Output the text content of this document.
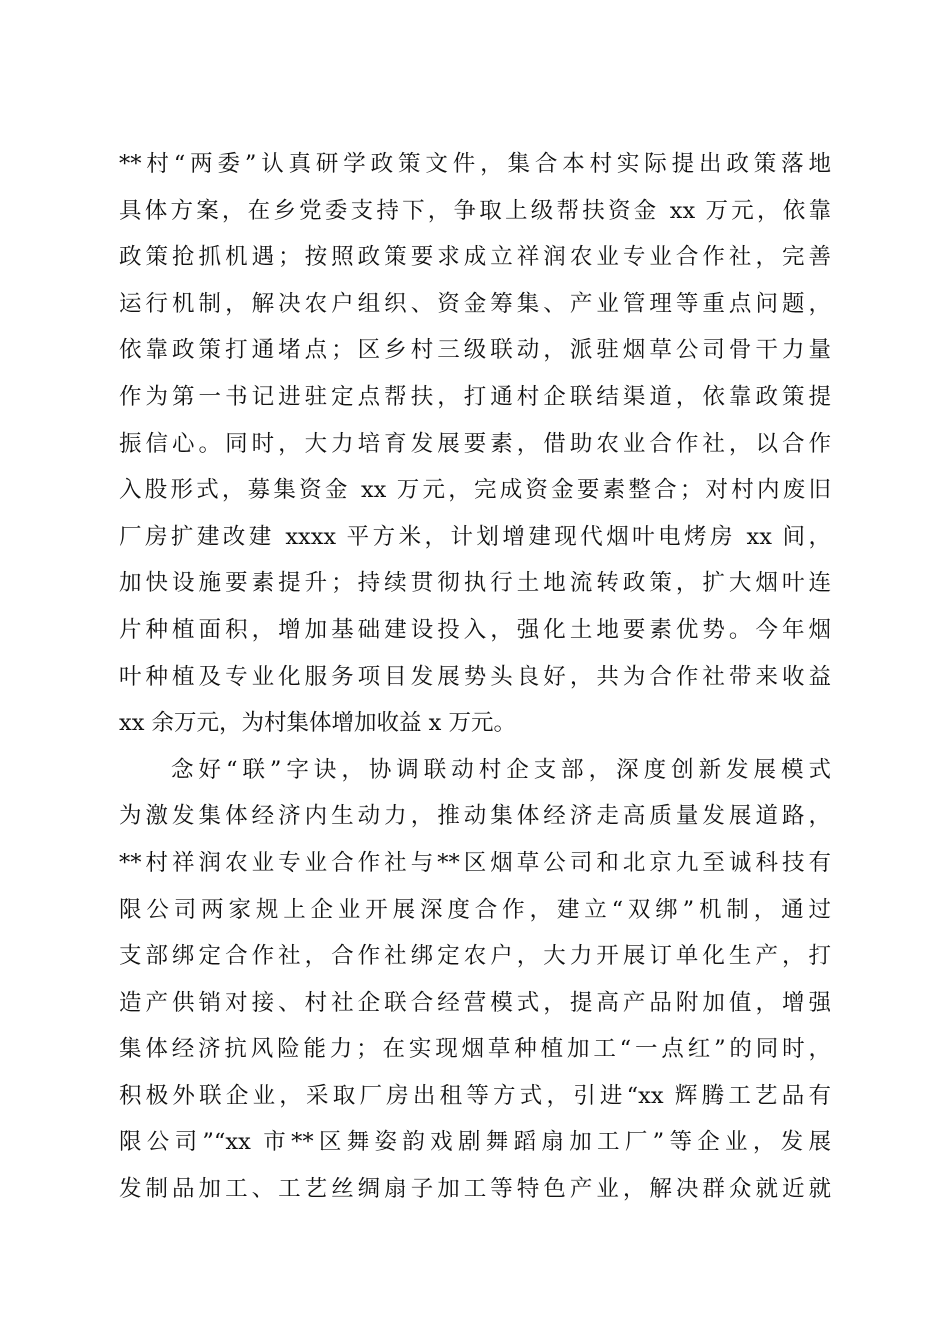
**村“两委”认真研学政策文件，集合本村实际提出政策落地
具体方案，在乡党委支持下，争取上级帮扶资金 xx 万元，依靠
政策抢抓机遇；按照政策要求成立祥润农业专业合作社，完善
运行机制，解决农户组织、资金筹集、产业管理等重点问题，
依靠政策打通堵点；区乡村三级联动，派驻烟草公司骨干力量
作为第一书记进驻定点帮扶，打通村企联结渠道，依靠政策提
振信心。同时，大力培育发展要素，借助农业合作社，以合作
入股形式，募集资金 xx 万元，完成资金要素整合；对村内废旧
厂房扩建改建 xxxx 平方米，计划增建现代烟叶电烤房 xx 间，
加快设施要素提升；持续贯彻执行土地流转政策，扩大烟叶连
片种植面积，增加基础建设投入，强化土地要素优势。今年烟
叶种植及专业化服务项目发展势头良好，共为合作社带来收益
xx 余万元，为村集体增加收益 x 万元。
念好“联”字诀，协调联动村企支部，深度创新发展模式
为激发集体经济内生动力，推动集体经济走高质量发展道路，
**村祥润农业专业合作社与**区烟草公司和北京九至诚科技有
限公司两家规上企业开展深度合作，建立“双绑”机制，通过
支部绑定合作社，合作社绑定农户，大力开展订单化生产，打
造产供销对接、村社企联合经营模式，提高产品附加值，增强
集体经济抗风险能力；在实现烟草种植加工“一点红”的同时，
积极外联企业，采取厂房出租等方式，引进“xx 辉腾工艺品有
限公司”“xx 市**区舞姿韵戏剧舞蹈扇加工厂”等企业，发展
发制品加工、工艺丝绸扇子加工等特色产业，解决群众就近就
